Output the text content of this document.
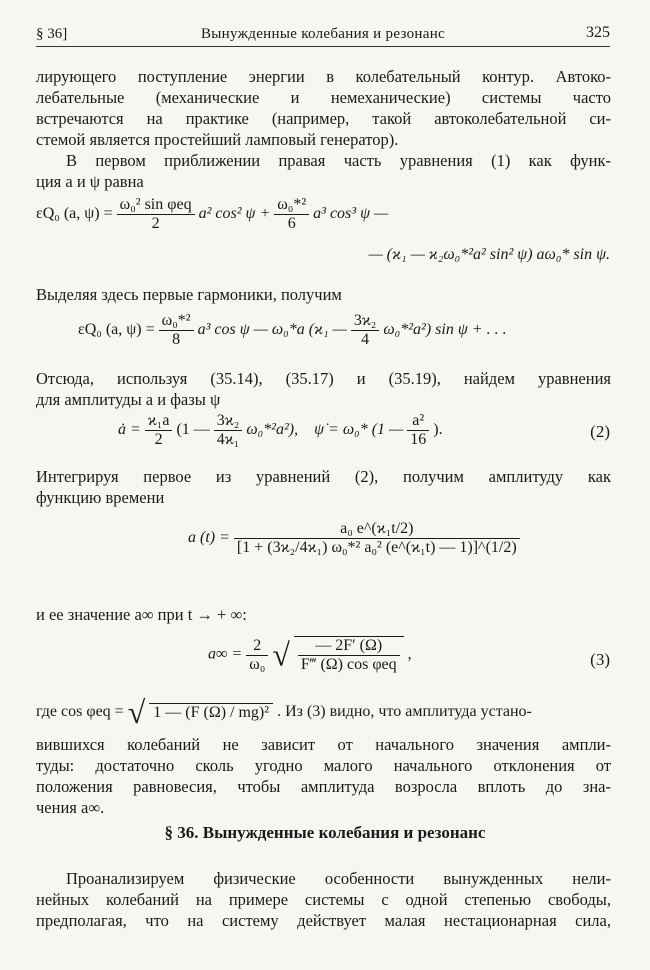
§ 36]	Вынужденные колебания и резонанс	325
лирующего поступление энергии в колебательный контур. Автоко-
лебательные (механические и немеханические) системы часто
встречаются на практике (например, такой автоколебательной си-
стемой является простейший ламповый генератор).
В первом приближении правая часть уравнения (1) как функ-
ция a и ψ равна
εQ₀ (a, $\psi) = \frac{\text{ω₀² sin φeq}}{2} a^2$ cos² $\psi + \frac{\text{ω₀*²}}{6} a^3$ cos³ ψ —
— (ϰ₁ — ϰ₂ω₀*²a² sin² ψ) aω₀* sin ψ.
Выделяя здесь первые гармоники, получим
εQ₀ (a, $\psi) = \frac{\text{ω₀*²}}{8} a^3$ cos ψ — ω₀*a (ϰ₁ — $\frac{\text{3ϰ₂}}{4} \omega_0*^2a^2$) sin ψ + . . .
Отсюда, используя (35.14), (35.17) и (35.19), найдем уравнения
для амплитуды a и фазы ψ
ȧ = $\frac{\text{ϰ₁a}}{2} (1$ — $\frac{\text{3ϰ₂}}{\text{4ϰ₁}} \omega_0*^2a^2$), ψ̇ = ω₀* (1 — $\frac{\text{a²}}{16}$ ).	(2)
Интегрируя первое из уравнений (2), получим амплитуду как
функцию времени
a $(t) = \frac{\text{a₀ e\textasciicircum{}(ϰ₁t/2)}}{\text{[1 + (3ϰ₂/4ϰ₁) ω₀*² a₀² (e\textasciicircum{}(ϰ₁t) — 1)]\textasciicircum{}(1/2)}}$
и ее значение a∞ при t → + ∞:
$a\infty = \frac{2}{\text{ω₀}}$ √ $\frac{— 2F' (\Omega)}{\text{F‴ (Ω) cos φeq}}$ ,	(3)
где cos φeq = √ 1 — (F (Ω) / mg)² . Из (3) видно, что амплитуда устано-
вившихся колебаний не зависит от начального значения ампли-
туды: достаточно сколь угодно малого начального отклонения от
положения равновесия, чтобы амплитуда возросла вплоть до зна-
чения a∞.
§ 36. Вынужденные колебания и резонанс
Проанализируем физические особенности вынужденных нели-
нейных колебаний на примере системы с одной степенью свободы,
предполагая, что на систему действует малая нестационарная сила,
